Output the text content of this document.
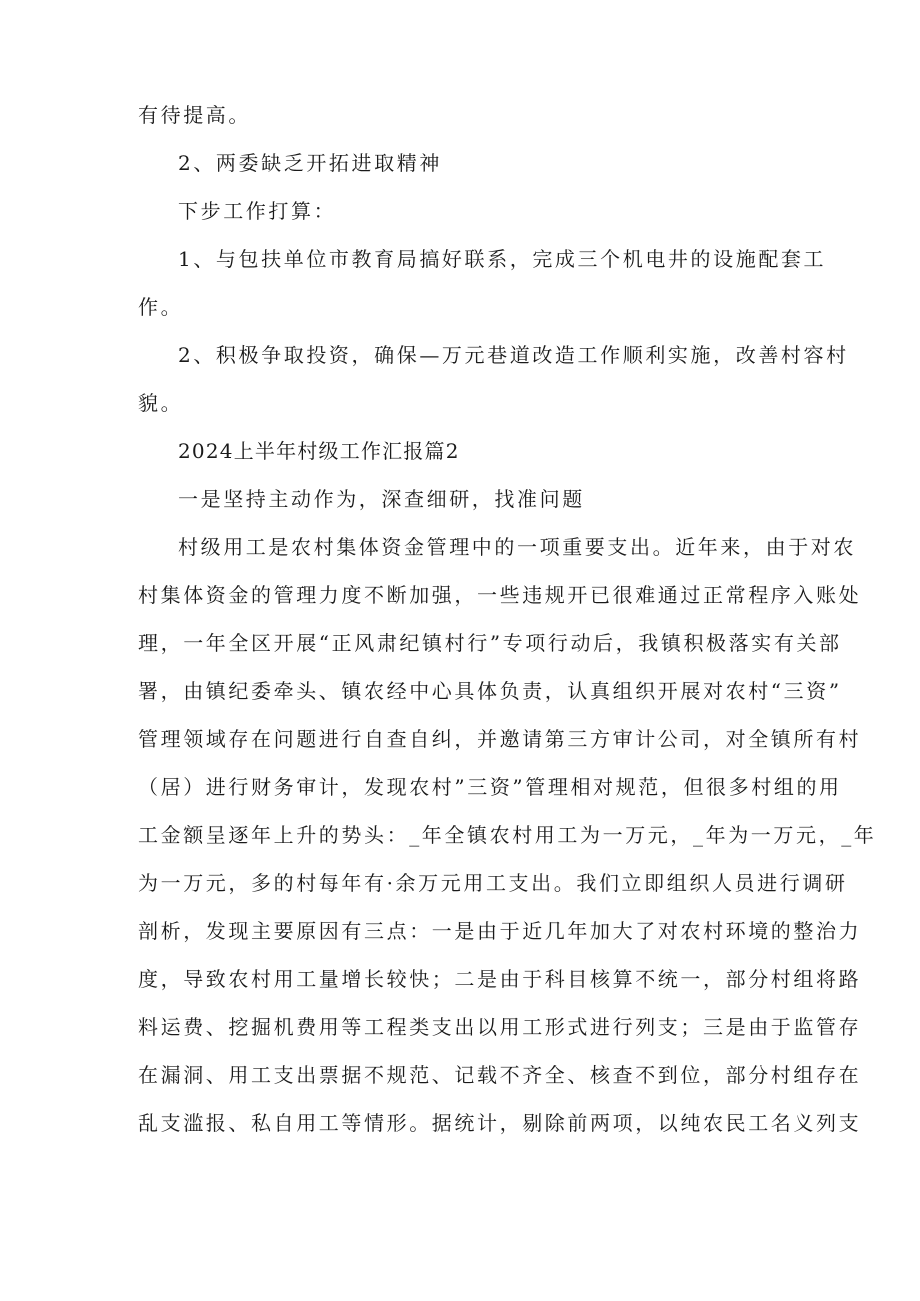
有待提高。
2、两委缺乏开拓进取精神
下步工作打算：
1、与包扶单位市教育局搞好联系，完成三个机电井的设施配套工
作。
2、积极争取投资，确保—万元巷道改造工作顺利实施，改善村容村
貌。
2024上半年村级工作汇报篇2
一是坚持主动作为，深查细研，找准问题
村级用工是农村集体资金管理中的一项重要支出。近年来，由于对农
村集体资金的管理力度不断加强，一些违规开已很难通过正常程序入账处
理，一年全区开展“正风肃纪镇村行”专项行动后，我镇积极落实有关部
署，由镇纪委牵头、镇农经中心具体负责，认真组织开展对农村“三资”
管理领域存在问题进行自查自纠，并邀请第三方审计公司，对全镇所有村
（居）进行财务审计，发现农村”三资”管理相对规范，但很多村组的用
工金额呈逐年上升的势头：_年全镇农村用工为一万元，_年为一万元，_年
为一万元，多的村每年有·余万元用工支出。我们立即组织人员进行调研
剖析，发现主要原因有三点：一是由于近几年加大了对农村环境的整治力
度，导致农村用工量增长较快；二是由于科目核算不统一，部分村组将路
料运费、挖掘机费用等工程类支出以用工形式进行列支；三是由于监管存
在漏洞、用工支出票据不规范、记载不齐全、核查不到位，部分村组存在
乱支滥报、私自用工等情形。据统计，剔除前两项，以纯农民工名义列支
